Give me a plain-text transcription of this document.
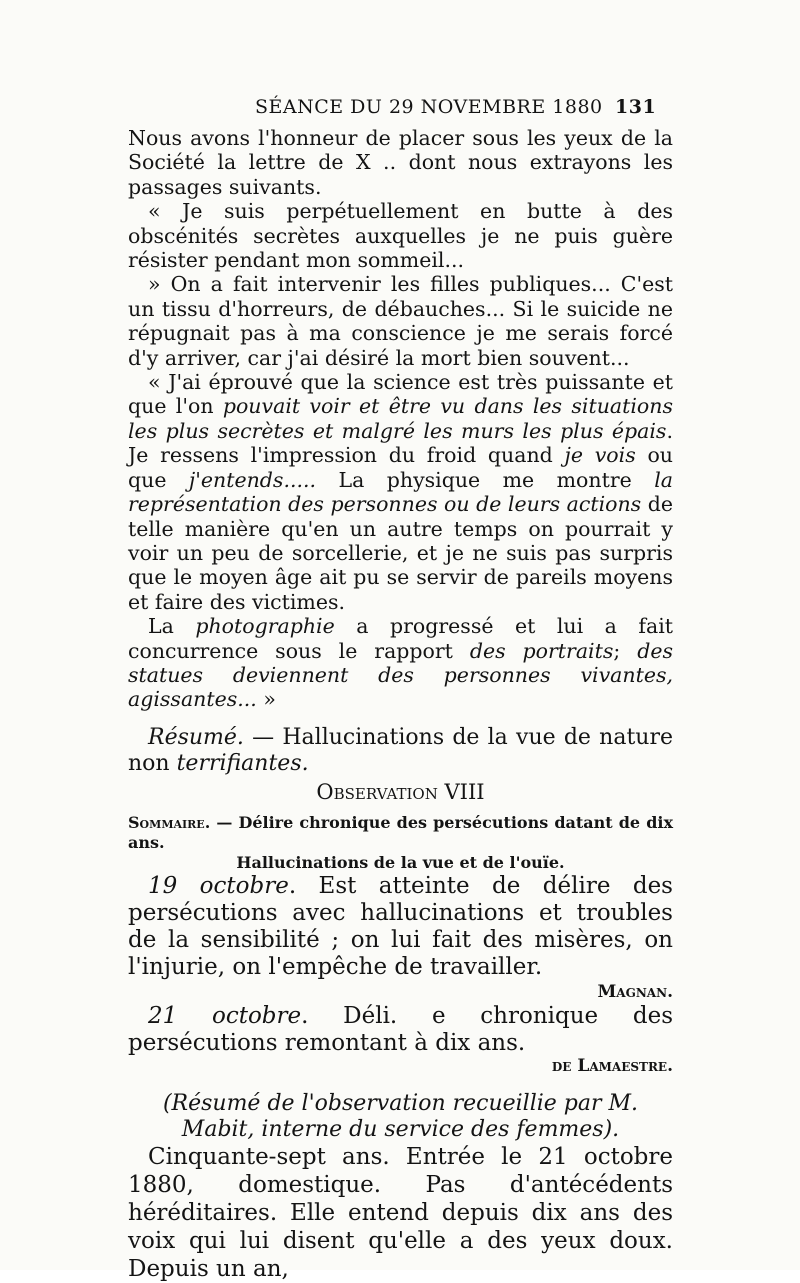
SÉANCE DU 29 NOVEMBRE 1880 131

Nous avons l'honneur de placer sous les yeux de la Société la lettre de X .. dont nous extrayons les passages suivants.

« Je suis perpétuellement en butte à des obscénités secrètes auxquelles je ne puis guère résister pendant mon sommeil...

» On a fait intervenir les filles publiques... C'est un tissu d'horreurs, de débauches... Si le suicide ne répugnait pas à ma conscience je me serais forcé d'y arriver, car j'ai désiré la mort bien souvent...

« J'ai éprouvé que la science est très puissante et que l'on pouvait voir et être vu dans les situations les plus secrètes et malgré les murs les plus épais. Je ressens l'impression du froid quand je vois ou que j'entends..... La physique me montre la représentation des personnes ou de leurs actions de telle manière qu'en un autre temps on pourrait y voir un peu de sorcellerie, et je ne suis pas surpris que le moyen âge ait pu se servir de pareils moyens et faire des victimes.

La photographie a progressé et lui a fait concurrence sous le rapport des portraits; des statues deviennent des personnes vivantes, agissantes... »

Résumé. — Hallucinations de la vue de nature non terrifiantes.

Observation VIII
Sommaire. — Délire chronique des persécutions datant de dix ans.
Hallucinations de la vue et de l'ouïe.

19 octobre. Est atteinte de délire des persécutions avec hallucinations et troubles de la sensibilité ; on lui fait des misères, on l'injurie, on l'empêche de travailler.

Magnan.

21 octobre. Déli. e chronique des persécutions remontant à dix ans.

de Lamaestre.
(Résumé de l'observation recueillie par M. Mabit, interne du service des femmes).

Cinquante-sept ans. Entrée le 21 octobre 1880, domestique. Pas d'antécédents héréditaires. Elle entend depuis dix ans des voix qui lui disent qu'elle a des yeux doux. Depuis un an,
